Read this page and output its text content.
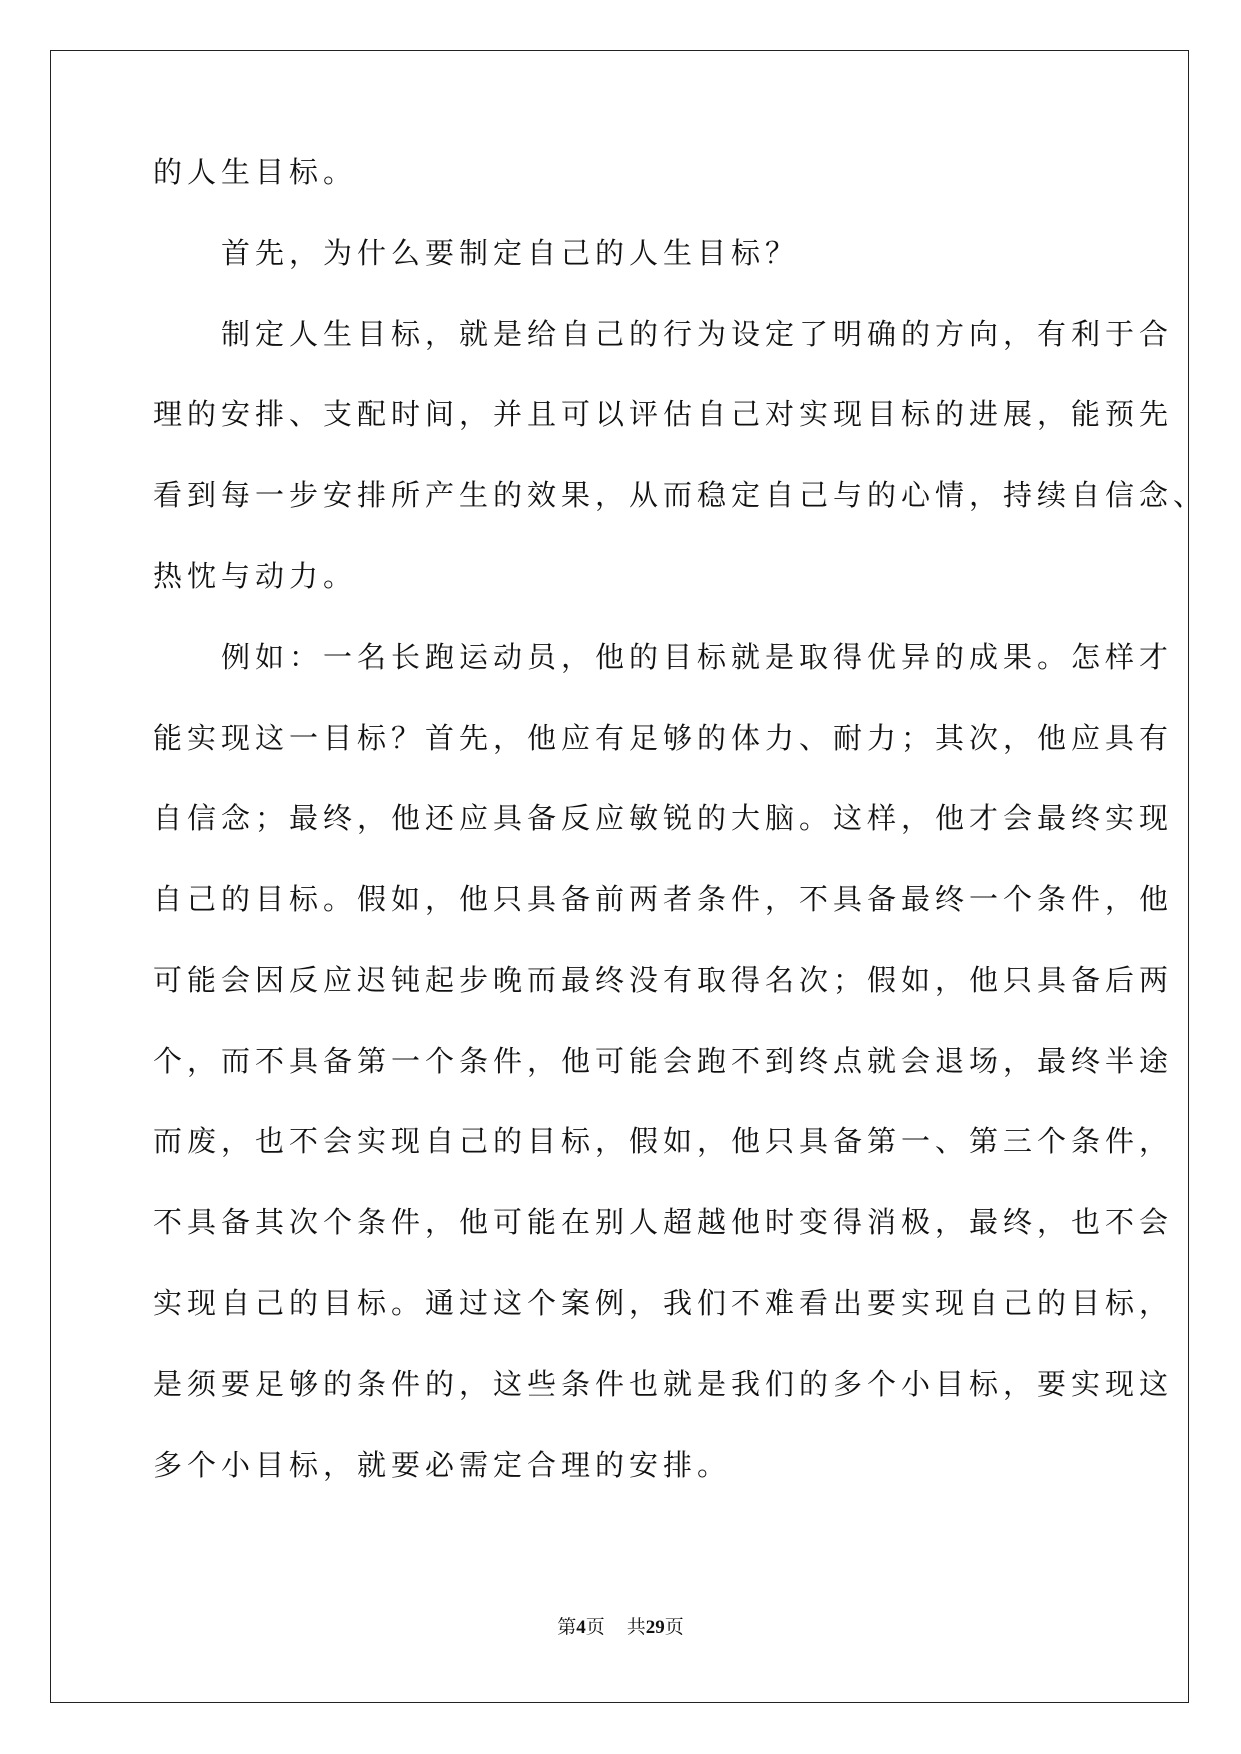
的人生目标。
　　首先，为什么要制定自己的人生目标？
　　制定人生目标，就是给自己的行为设定了明确的方向，有利于合
理的安排、支配时间，并且可以评估自己对实现目标的进展，能预先
看到每一步安排所产生的效果，从而稳定自己与的心情，持续自信念、
热忱与动力。
　　例如：一名长跑运动员，他的目标就是取得优异的成果。怎样才
能实现这一目标？首先，他应有足够的体力、耐力；其次，他应具有
自信念；最终，他还应具备反应敏锐的大脑。这样，他才会最终实现
自己的目标。假如，他只具备前两者条件，不具备最终一个条件，他
可能会因反应迟钝起步晚而最终没有取得名次；假如，他只具备后两
个，而不具备第一个条件，他可能会跑不到终点就会退场，最终半途
而废，也不会实现自己的目标，假如，他只具备第一、第三个条件，
不具备其次个条件，他可能在别人超越他时变得消极，最终，也不会
实现自己的目标。通过这个案例，我们不难看出要实现自己的目标，
是须要足够的条件的，这些条件也就是我们的多个小目标，要实现这
多个小目标，就要必需定合理的安排。
第4页 共29页
